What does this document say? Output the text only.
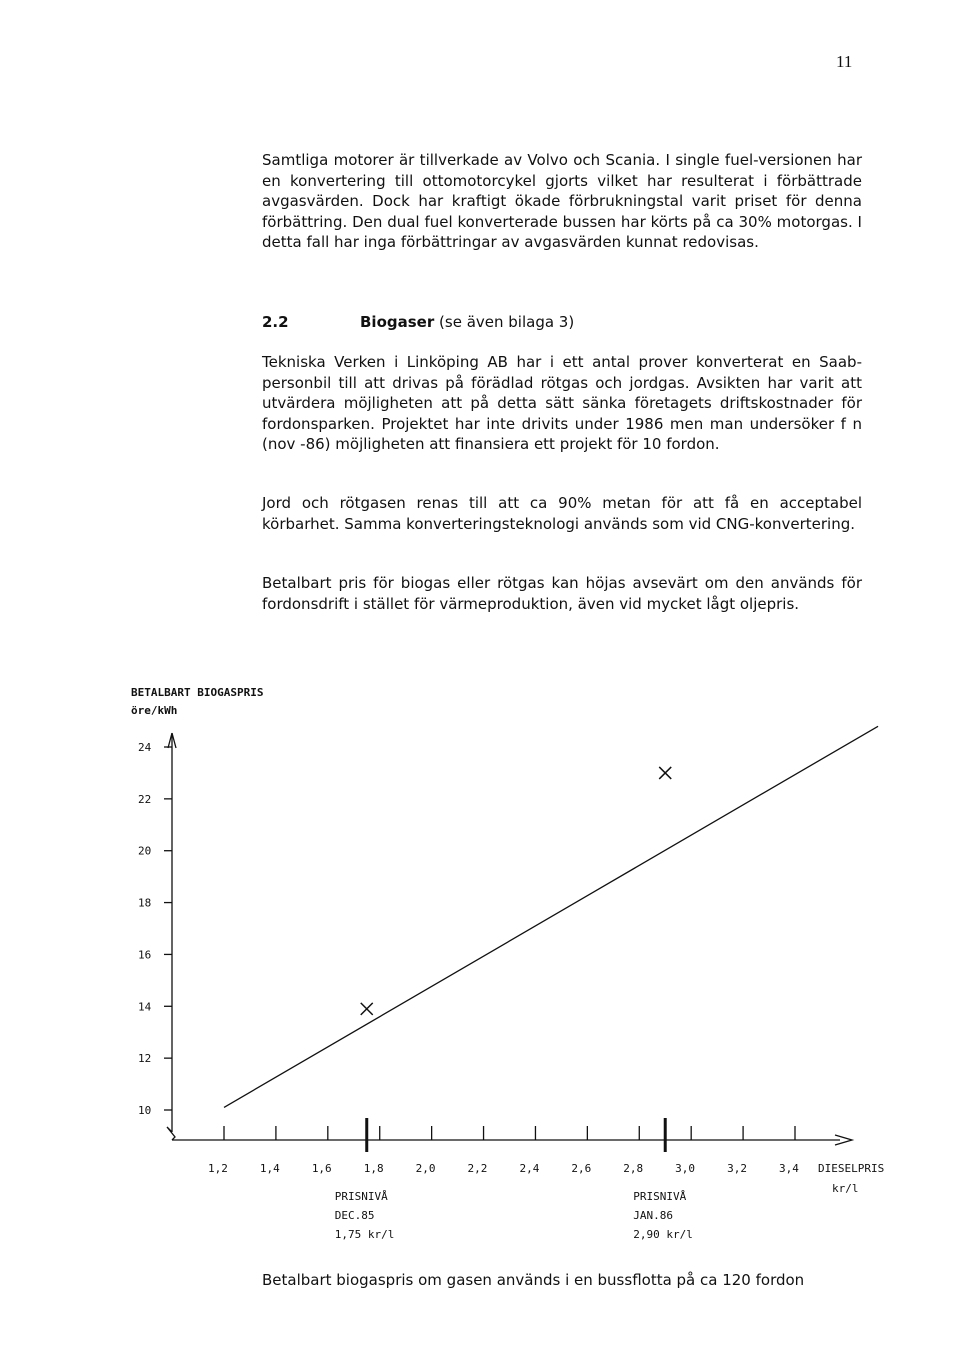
11

Samtliga motorer är tillverkade av Volvo och Scania. I single fuel-versionen har en konvertering till ottomotorcykel gjorts vilket har resulterat i förbättrade avgasvärden. Dock har kraftigt ökade förbrukningstal varit priset för denna förbättring. Den dual fuel konverterade bussen har körts på ca 30% motorgas. I detta fall har inga förbättringar av avgasvärden kunnat redovisas.

2.2	Biogaser (se även bilaga 3)

Tekniska Verken i Linköping AB har i ett antal prover konverterat en Saab-personbil till att drivas på förädlad rötgas och jordgas. Avsikten har varit att utvärdera möjligheten att på detta sätt sänka företagets driftskostnader för fordonsparken. Projektet har inte drivits under 1986 men man undersöker f n (nov -86) möjligheten att finansiera ett projekt för 10 fordon.

Jord och rötgasen renas till att ca 90% metan för att få en acceptabel körbarhet. Samma konverteringsteknologi används som vid CNG-konvertering.

Betalbart pris för biogas eller rötgas kan höjas avsevärt om den används för fordonsdrift i stället för värmeproduktion, även vid mycket lågt oljepris.

BETALBART BIOGASPRIS
öre/kWh
10
12
14
16
18
20
22
24
1,2	1,4	1,6	1,8	2,0	2,2	2,4	2,6	2,8	3,0	3,2	3,4 DIESELPRIS
kr/l
PRISNIVÅ
DEC.85
1,75 kr/l
PRISNIVÅ
JAN.86
2,90 kr/l

Betalbart biogaspris om gasen används i en bussflotta på ca 120 fordon
